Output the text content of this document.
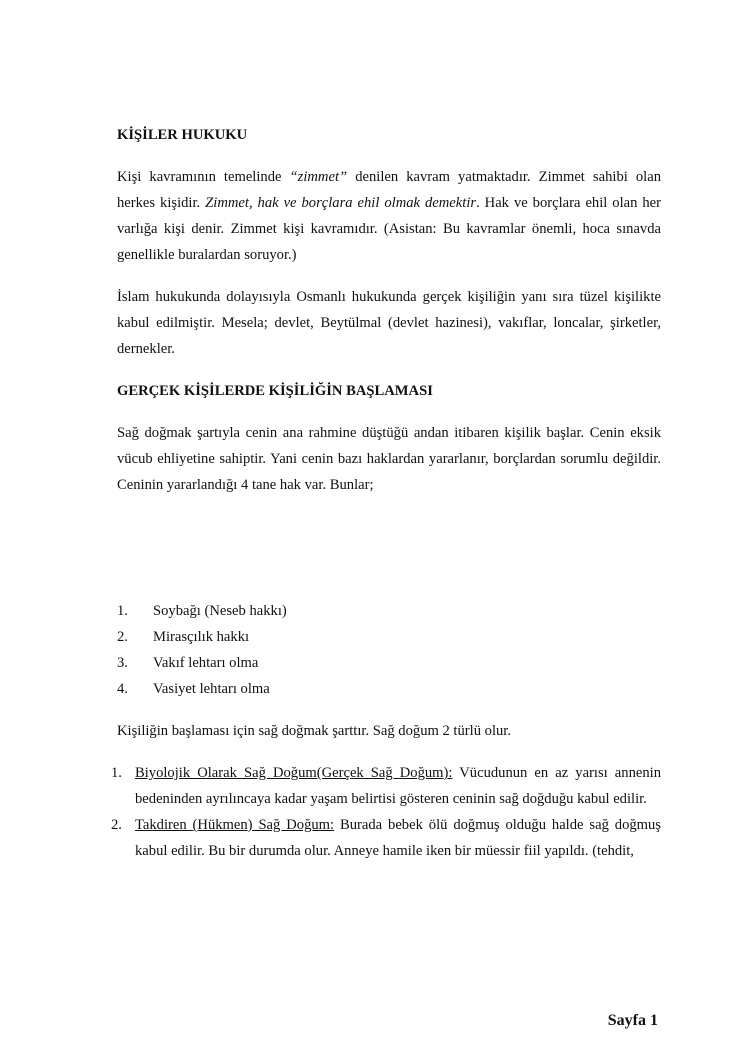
KİŞİLER HUKUKU

Kişi kavramının temelinde “zimmet” denilen kavram yatmaktadır. Zimmet sahibi olan herkes kişidir. Zimmet, hak ve borçlara ehil olmak demektir. Hak ve borçlara ehil olan her varlığa kişi denir. Zimmet kişi kavramıdır. (Asistan: Bu kavramlar önemli, hoca sınavda genellikle buralardan soruyor.)

İslam hukukunda dolayısıyla Osmanlı hukukunda gerçek kişiliğin yanı sıra tüzel kişilikte kabul edilmiştir. Mesela; devlet, Beytülmal (devlet hazinesi), vakıflar, loncalar, şirketler, dernekler.

GERÇEK KİŞİLERDE KİŞİLİĞİN BAŞLAMASI

Sağ doğmak şartıyla cenin ana rahmine düştüğü andan itibaren kişilik başlar. Cenin eksik vücub ehliyetine sahiptir. Yani cenin bazı haklardan yararlanır, borçlardan sorumlu değildir. Ceninin yararlandığı 4 tane hak var. Bunlar;

1. Soybağı (Neseb hakkı)
2. Mirasçılık hakkı
3. Vakıf lehtarı olma
4. Vasiyet lehtarı olma

Kişiliğin başlaması için sağ doğmak şarttır. Sağ doğum 2 türlü olur.

1. Biyolojik Olarak Sağ Doğum(Gerçek Sağ Doğum): Vücudunun en az yarısı annenin bedeninden ayrılıncaya kadar yaşam belirtisi gösteren ceninin sağ doğduğu kabul edilir.
2. Takdiren (Hükmen) Sağ Doğum: Burada bebek ölü doğmuş olduğu halde sağ doğmuş kabul edilir. Bu bir durumda olur. Anneye hamile iken bir müessir fiil yapıldı. (tehdit,
Sayfa 1
